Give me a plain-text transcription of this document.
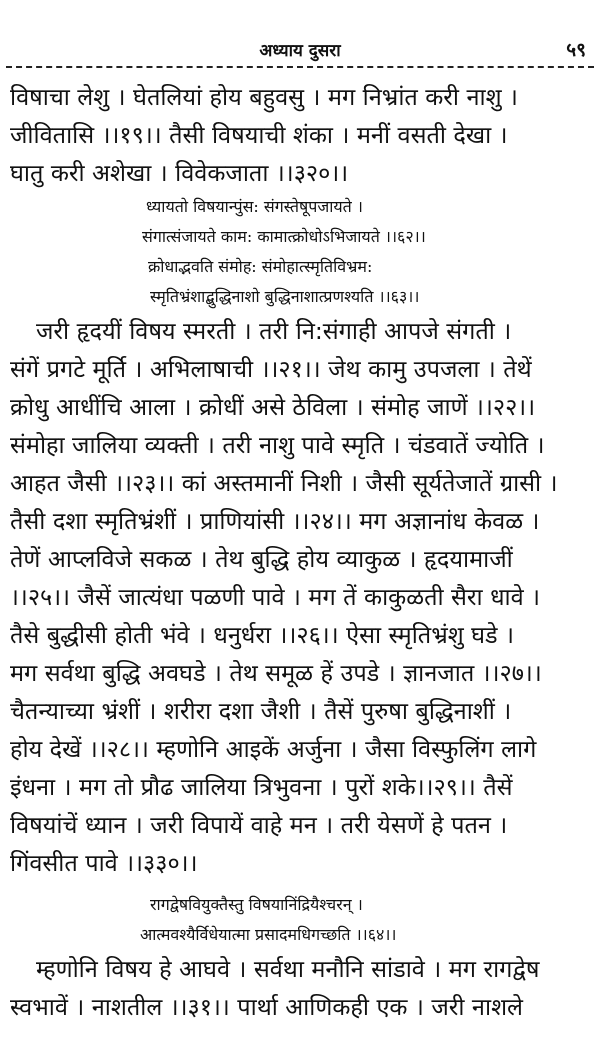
अध्याय दुसरा	५९
विषाचा लेशु । घेतलियां होय बहुवसु । मग निभ्रांत करी नाशु ।
जीवितासि ।।१९।। तैसी विषयाची शंका । मनीं वसती देखा ।
घातु करी अशेखा । विवेकजाता ।।३२०।।
ध्यायतो विषयान्पुंस: संगस्तेषूपजायते ।
संगात्संजायते काम: कामात्क्रोधोऽभिजायते ।।६२।।
क्रोधाद्भवति संमोह: संमोहात्स्मृतिविभ्रम:
स्मृतिभ्रंशाद्बुद्धिनाशो बुद्धिनाशात्प्रणश्यति ।।६३।।
जरी हृदयीं विषय स्मरती । तरी नि:संगाही आपजे संगती ।
संगें प्रगटे मूर्ति । अभिलाषाची ।।२१।। जेथ कामु उपजला । तेथें
क्रोधु आधींचि आला । क्रोधीं असे ठेविला । संमोह जाणें ।।२२।।
संमोहा जालिया व्यक्ती । तरी नाशु पावे स्मृति । चंडवातें ज्योति ।
आहत जैसी ।।२३।। कां अस्तमानीं निशी । जैसी सूर्यतेजातें ग्रासी ।
तैसी दशा स्मृतिभ्रंशीं । प्राणियांसी ।।२४।। मग अज्ञानांध केवळ ।
तेणें आप्लविजे सकळ । तेथ बुद्धि होय व्याकुळ । हृदयामाजीं
।।२५।। जैसें जात्यंधा पळणी पावे । मग तें काकुळती सैरा धावे ।
तैसे बुद्धीसी होती भंवे । धनुर्धरा ।।२६।। ऐसा स्मृतिभ्रंशु घडे ।
मग सर्वथा बुद्धि अवघडे । तेथ समूळ हें उपडे । ज्ञानजात ।।२७।।
चैतन्याच्या भ्रंशीं । शरीरा दशा जैशी । तैसें पुरुषा बुद्धिनाशीं ।
होय देखें ।।२८।। म्हणोनि आइकें अर्जुना । जैसा विस्फुलिंग लागे
इंधना । मग तो प्रौढ जालिया त्रिभुवना । पुरों शके।।२९।। तैसें
विषयांचें ध्यान । जरी विपायें वाहे मन । तरी येसणें हे पतन ।
गिंवसीत पावे ।।३३०।।
रागद्वेषवियुक्तैस्तु विषयानिंद्रियैश्चरन् ।
आत्मवश्यैर्विधेयात्मा प्रसादमधिगच्छति ।।६४।।
म्हणोनि विषय हे आघवे । सर्वथा मनौनि सांडावे । मग रागद्वेष
स्वभावें । नाशतील ।।३१।। पार्था आणिकही एक । जरी नाशले
